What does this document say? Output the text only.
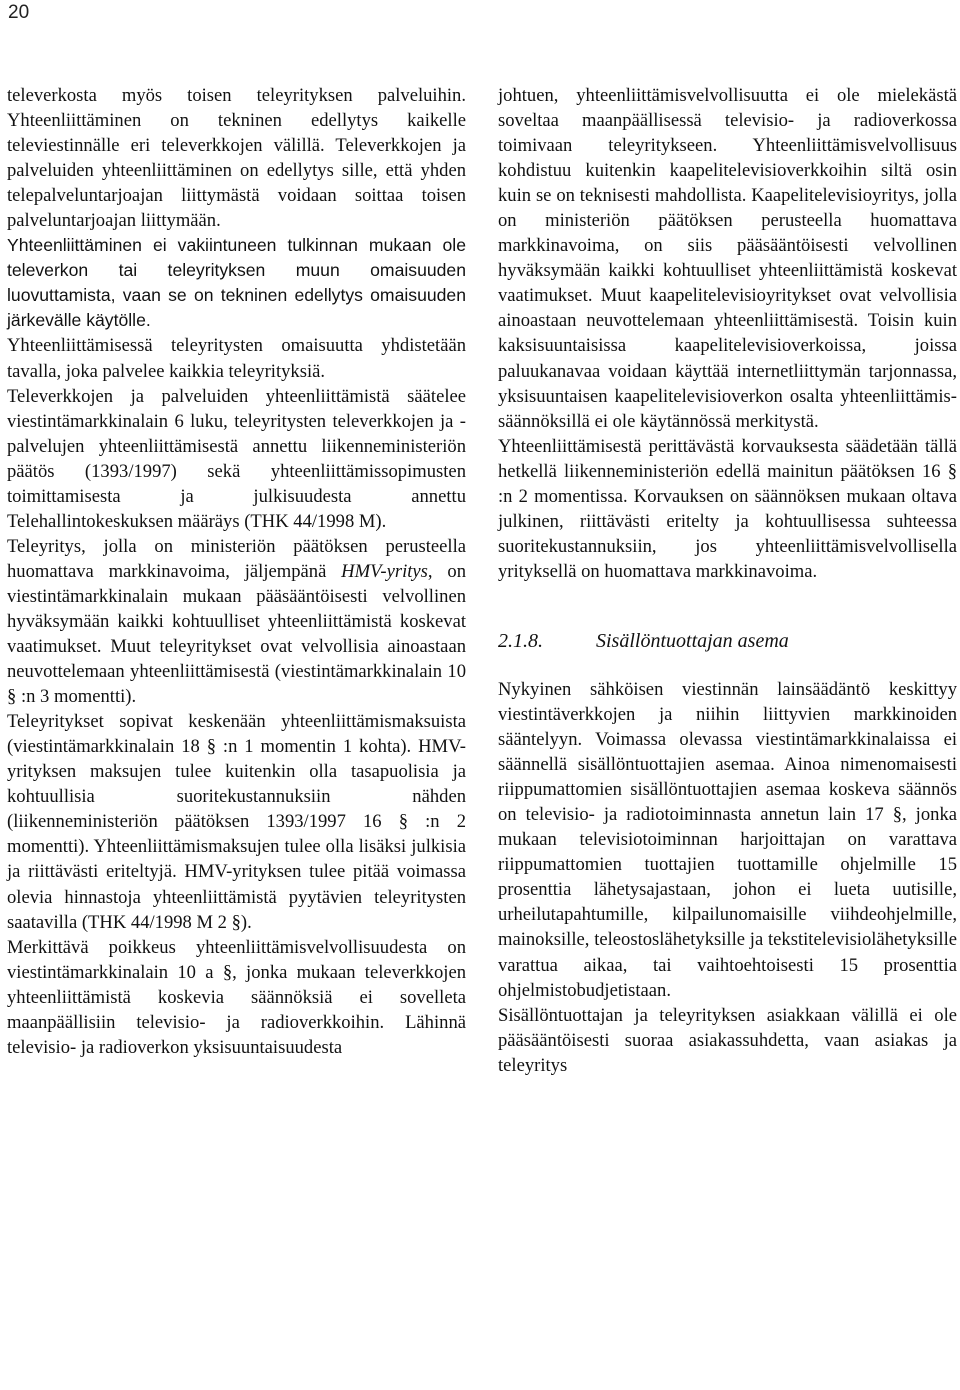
20

televerkosta myös toisen teleyrityksen palveluihin. Yhteenliittäminen on tekninen edellytys kaikelle televiestinnälle eri televerkkojen välillä. Televerkkojen ja palveluiden yhteenliittäminen on edellytys sille, että yhden telepalveluntarjoajan liittymästä voidaan soittaa toisen palveluntarjoajan liittymään.

Yhteenliittäminen ei vakiintuneen tulkinnan mukaan ole televerkon tai teleyrityksen muun omaisuuden luovuttamista, vaan se on tekninen edellytys omaisuuden järkevälle käytölle.

Yhteenliittämisessä teleyritysten omaisuutta yhdistetään tavalla, joka palvelee kaikkia teleyrityksiä.

Televerkkojen ja palveluiden yhteenliittämistä säätelee viestintämarkkinalain 6 luku, teleyritysten televerkkojen ja - palvelujen yhteenliittämisestä annettu liikenneministeriön päätös (1393/1997) sekä yhteenliittämissopimusten toimittamisesta ja julkisuudesta annettu Telehallintokeskuksen määräys (THK 44/1998 M).

Teleyritys, jolla on ministeriön päätöksen perusteella huomattava markkinavoima, jäljempänä HMV-yritys, on viestintämarkkinalain mukaan pääsääntöisesti velvollinen hyväksymään kaikki kohtuulliset yhteenliittämistä koskevat vaatimukset. Muut teleyritykset ovat velvollisia ainoastaan neuvottelemaan yhteenliittämisestä (viestintämarkkinalain 10 § :n 3 momentti).

Teleyritykset sopivat keskenään yhteenliittämismaksuista (viestintämarkkinalain 18 § :n 1 momentin 1 kohta). HMV-yrityksen maksujen tulee kuitenkin olla tasapuolisia ja kohtuullisia suoritekustannuksiin nähden (liikenneministeriön päätöksen 1393/1997 16 § :n 2 momentti). Yhteenliittämismaksujen tulee olla lisäksi julkisia ja riittävästi eriteltyjä. HMV-yrityksen tulee pitää voimassa olevia hinnastoja yhteenliittämistä pyytävien teleyritysten saatavilla (THK 44/1998 M 2 §).

Merkittävä poikkeus yhteenliittämisvelvollisuudesta on viestintämarkkinalain 10 a §, jonka mukaan televerkkojen yhteenliittämistä koskevia säännöksiä ei sovelleta maanpäällisiin televisio- ja radioverkkoihin. Lähinnä televisio- ja radioverkon yksisuuntaisuudesta

johtuen, yhteenliittämisvelvollisuutta ei ole mielekästä soveltaa maanpäällisessä televisio- ja radioverkossa toimivaan teleyritykseen. Yhteenliittämisvelvollisuus kohdistuu kuitenkin kaapelitelevisioverkkoihin siltä osin kuin se on teknisesti mahdollista. Kaapelitelevisioyritys, jolla on ministeriön päätöksen perusteella huomattava markkinavoima, on siis pääsääntöisesti velvollinen hyväksymään kaikki kohtuulliset yhteenliittämistä koskevat vaatimukset. Muut kaapelitelevisioyritykset ovat velvollisia ainoastaan neuvottelemaan yhteenliittämisestä. Toisin kuin kaksisuuntaisissa kaapelitelevisioverkoissa, joissa paluukanavaa voidaan käyttää internetliittymän tarjonnassa, yksisuuntaisen kaapelitelevisioverkon osalta yhteenliittämissäännöksillä ei ole käytännössä merkitystä.

Yhteenliittämisestä perittävästä korvauksesta säädetään tällä hetkellä liikenneministeriön edellä mainitun päätöksen 16 § :n 2 momentissa. Korvauksen on säännöksen mukaan oltava julkinen, riittävästi eritelty ja kohtuullisessa suhteessa suoritekustannuksiin, jos yhteenliittämisvelvollisella yrityksellä on huomattava markkinavoima.

2.1.8.	Sisällöntuottajan asema

Nykyinen sähköisen viestinnän lainsäädäntö keskittyy viestintäverkkojen ja niihin liittyvien markkinoiden sääntelyyn. Voimassa olevassa viestintämarkkinalaissa ei säännellä sisällöntuottajien asemaa. Ainoa nimenomaisesti riippumattomien sisällöntuottajien asemaa koskeva säännös on televisio- ja radiotoiminnasta annetun lain 17 §, jonka mukaan televisiotoiminnan harjoittajan on varattava riippumattomien tuottajien tuottamille ohjelmille 15 prosenttia lähetysajastaan, johon ei lueta uutisille, urheilutapahtumille, kilpailunomaisille viihdeohjelmille, mainoksille, teleostoslähetyksille ja tekstitelevisiolähetyksille varattua aikaa, tai vaihtoehtoisesti 15 prosenttia ohjelmistobudjetistaan.

Sisällöntuottajan ja teleyrityksen asiakkaan välillä ei ole pääsääntöisesti suoraa asiakassuhdetta, vaan asiakas ja teleyritys
